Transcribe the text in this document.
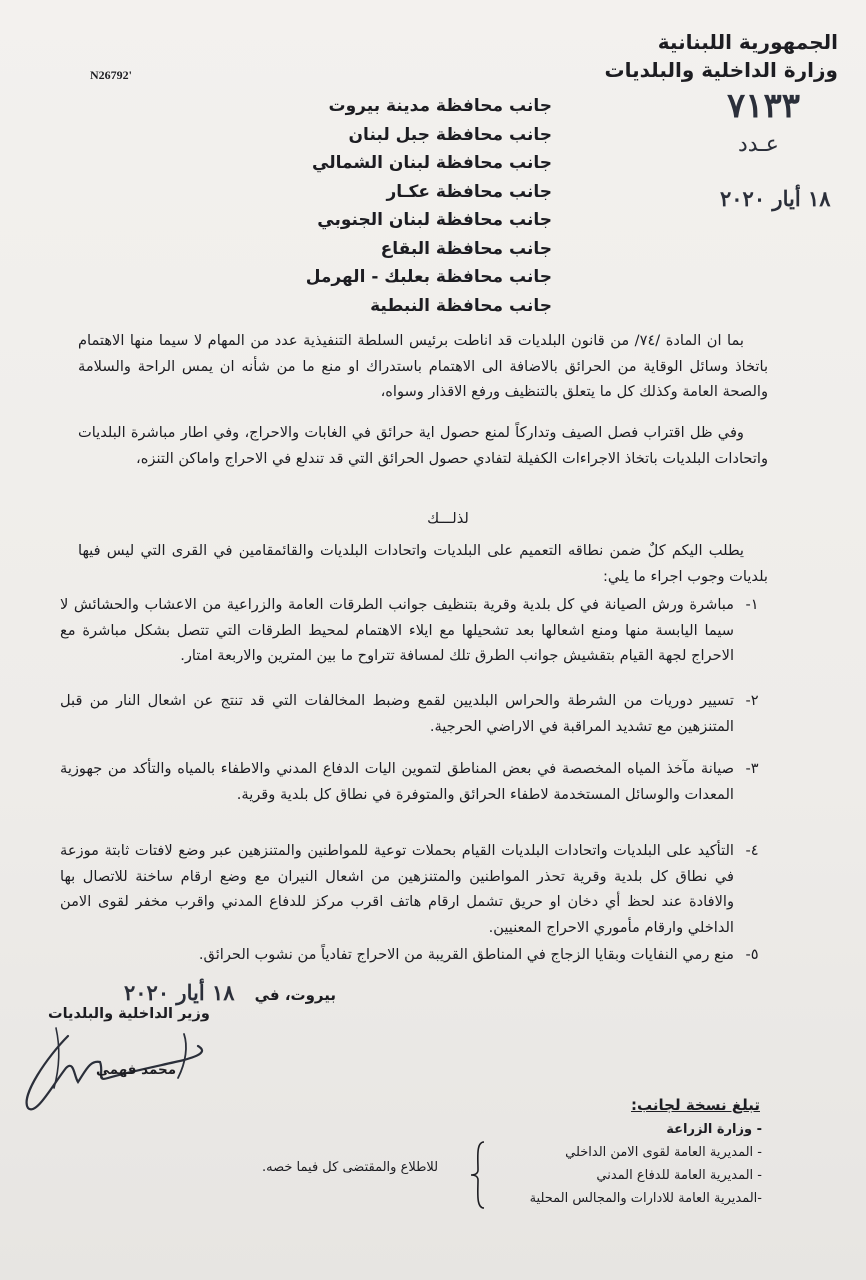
الجمهورية اللبنانية
وزارة الداخلية والبلديات
N26792'
٧١٣٣
عـدد
١٨ أيار ٢٠٢٠
جانب محافظة مدينة بيروت
جانب محافظة جبل لبنان
جانب محافظة لبنان الشمالي
جانب محافظة عكـار
جانب محافظة لبنان الجنوبي
جانب محافظة البقاع
جانب محافظة بعلبك - الهرمل
جانب محافظة النبطية
بما ان المادة /٧٤/ من قانون البلديات قد اناطت برئيس السلطة التنفيذية عدد من المهام لا سيما منها الاهتمام باتخاذ وسائل الوقاية من الحرائق بالاضافة الى الاهتمام باستدراك او منع ما من شأنه ان يمس الراحة والسلامة والصحة العامة وكذلك كل ما يتعلق بالتنظيف ورفع الاقذار وسواه،
وفي ظل اقتراب فصل الصيف وتداركاً لمنع حصول اية حرائق في الغابات والاحراج، وفي اطار مباشرة البلديات واتحادات البلديات باتخاذ الاجراءات الكفيلة لتفادي حصول الحرائق التي قد تندلع في الاحراج واماكن التنزه،
لذلـــك
يطلب اليكم كلٌ ضمن نطاقه التعميم على البلديات واتحادات البلديات والقائمقامين في القرى التي ليس فيها بلديات وجوب اجراء ما يلي:
١-
مباشرة ورش الصيانة في كل بلدية وقرية بتنظيف جوانب الطرقات العامة والزراعية من الاعشاب والحشائش لا سيما اليابسة منها ومنع اشعالها بعد تشحيلها مع ايلاء الاهتمام لمحيط الطرقات التي تتصل بشكل مباشرة مع الاحراج لجهة القيام بتقشيش جوانب الطرق تلك لمسافة تتراوح ما بين المترين والاربعة امتار.
٢-
تسيير دوريات من الشرطة والحراس البلديين لقمع وضبط المخالفات التي قد تنتج عن اشعال النار من قبل المتنزهين مع تشديد المراقبة في الاراضي الحرجية.
٣-
صيانة مآخذ المياه المخصصة في بعض المناطق لتموين اليات الدفاع المدني والاطفاء بالمياه والتأكد من جهوزية المعدات والوسائل المستخدمة لاطفاء الحرائق والمتوفرة في نطاق كل بلدية وقرية.
٤-
التأكيد على البلديات واتحادات البلديات القيام بحملات توعية للمواطنين والمتنزهين عبر وضع لافتات ثابتة موزعة في نطاق كل بلدية وقرية تحذر المواطنين والمتنزهين من اشعال النيران مع وضع ارقام ساخنة للاتصال بها والافادة عند لحظ أي دخان او حريق تشمل ارقام هاتف اقرب مركز للدفاع المدني واقرب مخفر لقوى الامن الداخلي وارقام مأموري الاحراج المعنيين.
٥-
منع رمي النفايات وبقايا الزجاج في المناطق القريبة من الاحراج تفادياً من نشوب الحرائق.
بيروت، في
١٨ أيار ٢٠٢٠
وزير الداخلية والبلديات
محمد فهمي
تبلغ نسخة لجانب:
- وزارة الزراعة
- المديرية العامة لقوى الامن الداخلي
- المديرية العامة للدفاع المدني
-المديرية العامة للادارات والمجالس المحلية
للاطلاع والمقتضى كل فيما خصه.
